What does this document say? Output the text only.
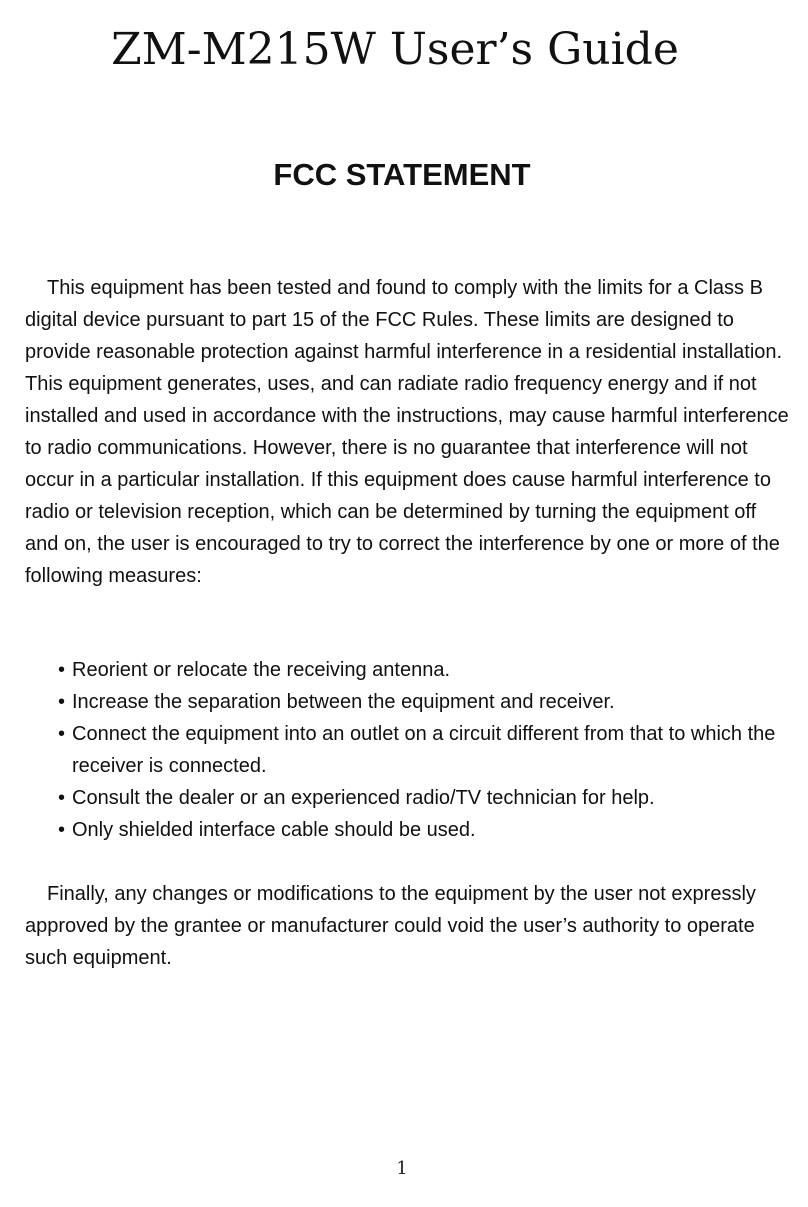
ZM-M215W User’s Guide
FCC STATEMENT

This equipment has been tested and found to comply with the limits for a Class B digital device pursuant to part 15 of the FCC Rules. These limits are designed to provide reasonable protection against harmful interference in a residential installation. This equipment generates, uses, and can radiate radio frequency energy and if not installed and used in accordance with the instructions, may cause harmful interference to radio communications. However, there is no guarantee that interference will not occur in a particular installation. If this equipment does cause harmful interference to radio or television reception, which can be determined by turning the equipment off and on, the user is encouraged to try to correct the interference by one or more of the following measures:

• Reorient or relocate the receiving antenna.
• Increase the separation between the equipment and receiver.
• Connect the equipment into an outlet on a circuit different from that to which the receiver is connected.
• Consult the dealer or an experienced radio/TV technician for help.
• Only shielded interface cable should be used.

Finally, any changes or modifications to the equipment by the user not expressly approved by the grantee or manufacturer could void the user’s authority to operate such equipment.

1
